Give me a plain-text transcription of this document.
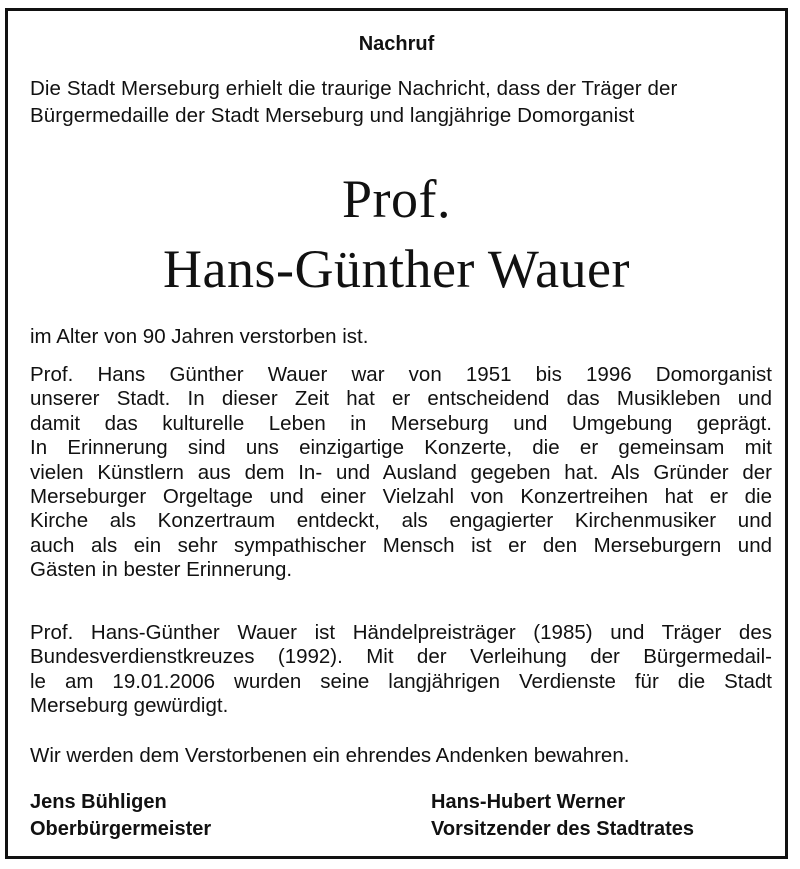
Nachruf
Die Stadt Merseburg erhielt die traurige Nachricht, dass der Träger der
Bürgermedaille der Stadt Merseburg und langjährige Domorganist
Prof.
Hans-Günther Wauer
im Alter von 90 Jahren verstorben ist.
Prof. Hans Günther Wauer war von 1951 bis 1996 Domorganist
unserer Stadt. In dieser Zeit hat er entscheidend das Musikleben und
damit das kulturelle Leben in Merseburg und Umgebung geprägt.
In Erinnerung sind uns einzigartige Konzerte, die er gemeinsam mit
vielen Künstlern aus dem In- und Ausland gegeben hat. Als Gründer der
Merseburger Orgeltage und einer Vielzahl von Konzertreihen hat er die
Kirche als Konzertraum entdeckt, als engagierter Kirchenmusiker und
auch als ein sehr sympathischer Mensch ist er den Merseburgern und
Gästen in bester Erinnerung.
Prof. Hans-Günther Wauer ist Händelpreisträger (1985) und Träger des
Bundesverdienstkreuzes (1992). Mit der Verleihung der Bürgermedail-
le am 19.01.2006 wurden seine langjährigen Verdienste für die Stadt
Merseburg gewürdigt.
Wir werden dem Verstorbenen ein ehrendes Andenken bewahren.
Jens Bühligen
Oberbürgermeister
Hans-Hubert Werner
Vorsitzender des Stadtrates
